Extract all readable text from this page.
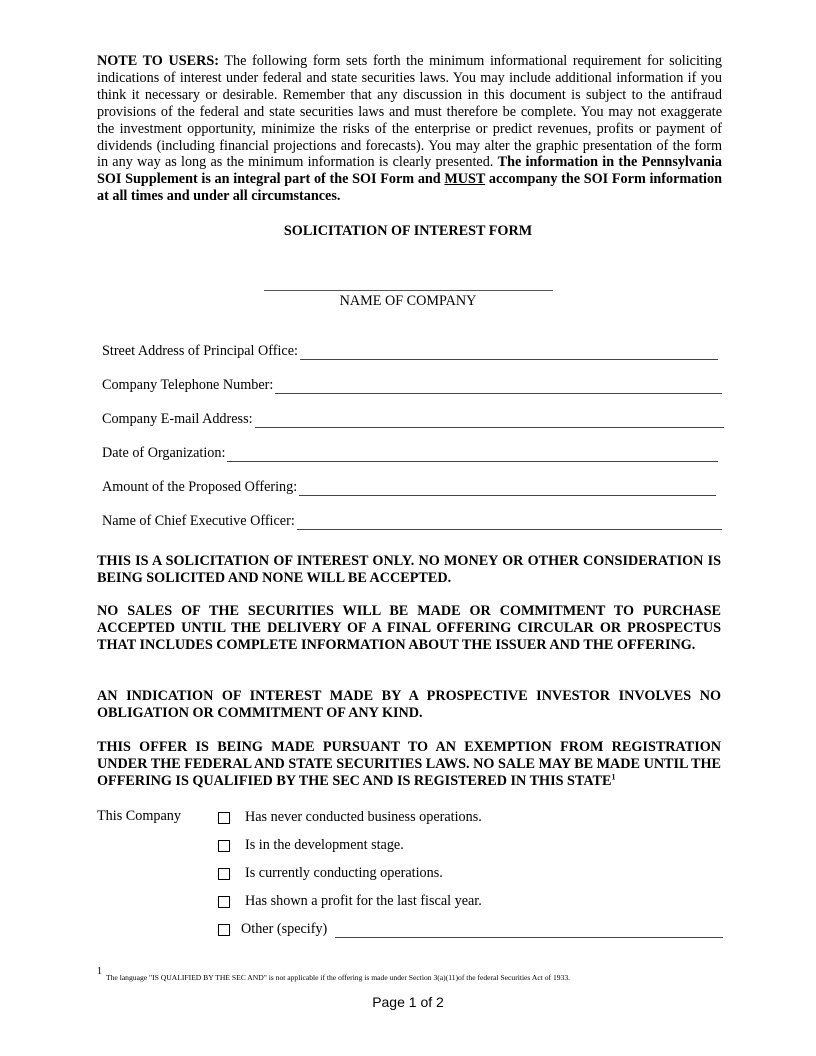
NOTE TO USERS: The following form sets forth the minimum informational requirement for soliciting indications of interest under federal and state securities laws. You may include additional information if you think it necessary or desirable. Remember that any discussion in this document is subject to the antifraud provisions of the federal and state securities laws and must therefore be complete. You may not exaggerate the investment opportunity, minimize the risks of the enterprise or predict revenues, profits or payment of dividends (including financial projections and forecasts). You may alter the graphic presentation of the form in any way as long as the minimum information is clearly presented. The information in the Pennsylvania SOI Supplement is an integral part of the SOI Form and MUST accompany the SOI Form information at all times and under all circumstances.
SOLICITATION OF INTEREST FORM
NAME OF COMPANY
Street Address of Principal Office:
Company Telephone Number:
Company E-mail Address:
Date of Organization:
Amount of the Proposed Offering:
Name of Chief Executive Officer:
THIS IS A SOLICITATION OF INTEREST ONLY. NO MONEY OR OTHER CONSIDERATION IS BEING SOLICITED AND NONE WILL BE ACCEPTED.
NO SALES OF THE SECURITIES WILL BE MADE OR COMMITMENT TO PURCHASE ACCEPTED UNTIL THE DELIVERY OF A FINAL OFFERING CIRCULAR OR PROSPECTUS THAT INCLUDES COMPLETE INFORMATION ABOUT THE ISSUER AND THE OFFERING.
AN INDICATION OF INTEREST MADE BY A PROSPECTIVE INVESTOR INVOLVES NO OBLIGATION OR COMMITMENT OF ANY KIND.
THIS OFFER IS BEING MADE PURSUANT TO AN EXEMPTION FROM REGISTRATION UNDER THE FEDERAL AND STATE SECURITIES LAWS. NO SALE MAY BE MADE UNTIL THE OFFERING IS QUALIFIED BY THE SEC AND IS REGISTERED IN THIS STATE$^1$
This Company	Has never conducted business operations.
Is in the development stage.
Is currently conducting operations.
Has shown a profit for the last fiscal year.
Other (specify)
1
The language "IS QUALIFIED BY THE SEC AND" is not applicable if the offering is made under Section 3(a)(11)of the federal Securities Act of 1933.
Page 1 of 2
